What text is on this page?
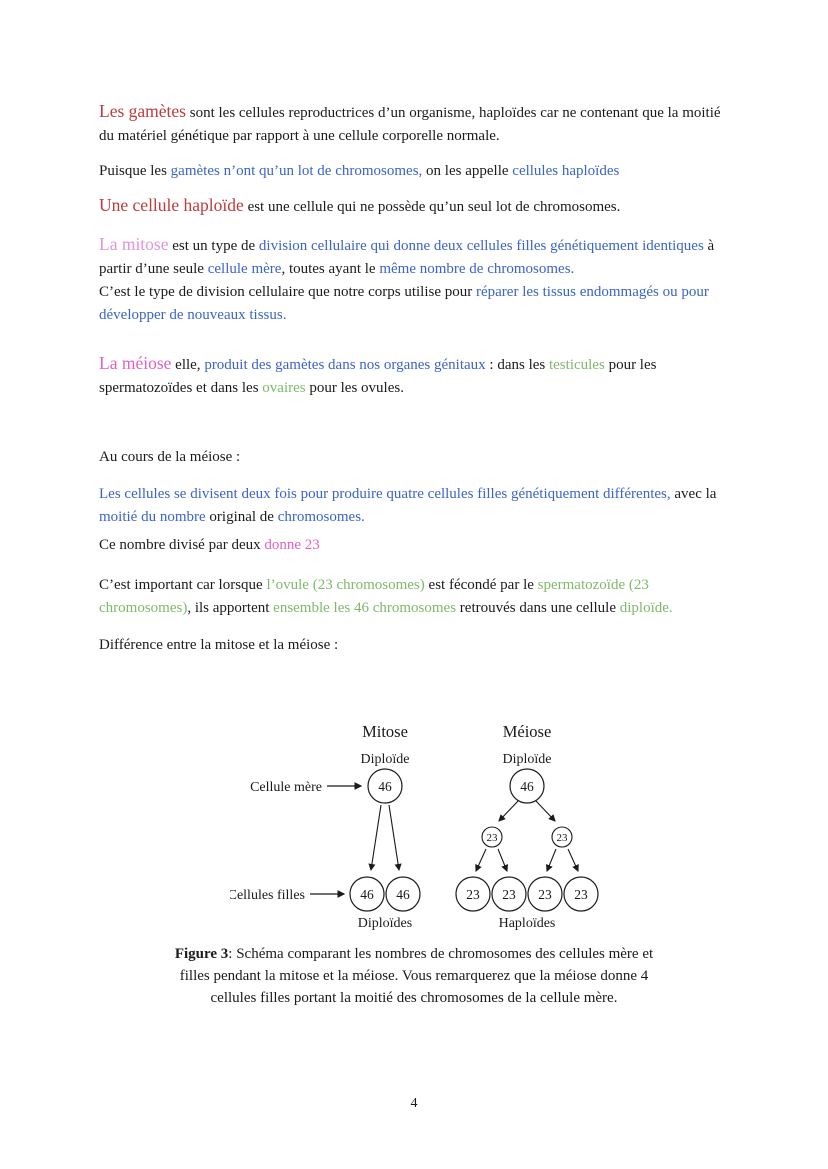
Les gamètes sont les cellules reproductrices d’un organisme, haploïdes car ne contenant que la moitié du matériel génétique par rapport à une cellule corporelle normale.

Puisque les gamètes n’ont qu’un lot de chromosomes, on les appelle cellules haploïdes

Une cellule haploïde est une cellule qui ne possède qu’un seul lot de chromosomes.

La mitose est un type de division cellulaire qui donne deux cellules filles génétiquement identiques à partir d’une seule cellule mère, toutes ayant le même nombre de chromosomes.
C’est le type de division cellulaire que notre corps utilise pour réparer les tissus endommagés ou pour développer de nouveaux tissus.

La méiose elle, produit des gamètes dans nos organes génitaux : dans les testicules pour les spermatozoïdes et dans les ovaires pour les ovules.

Au cours de la méiose :

Les cellules se divisent deux fois pour produire quatre cellules filles génétiquement différentes, avec la moitié du nombre original de chromosomes.

Ce nombre divisé par deux donne 23

C’est important car lorsque l’ovule (23 chromosomes) est fécondé par le spermatozoïde (23 chromosomes), ils apportent ensemble les 46 chromosomes retrouvés dans une cellule diploïde.

Différence entre la mitose et la méiose :

Mitose
Diploïde
Cellule mère	46
Cellules filles	46 46
Diploïdes
Méiose
Diploïde
46
23	23
23 23 23 23
Haploïdes

Figure 3: Schéma comparant les nombres de chromosomes des cellules mère et

filles pendant la mitose et la méiose. Vous remarquerez que la méiose donne 4

cellules filles portant la moitié des chromosomes de la cellule mère.

4
